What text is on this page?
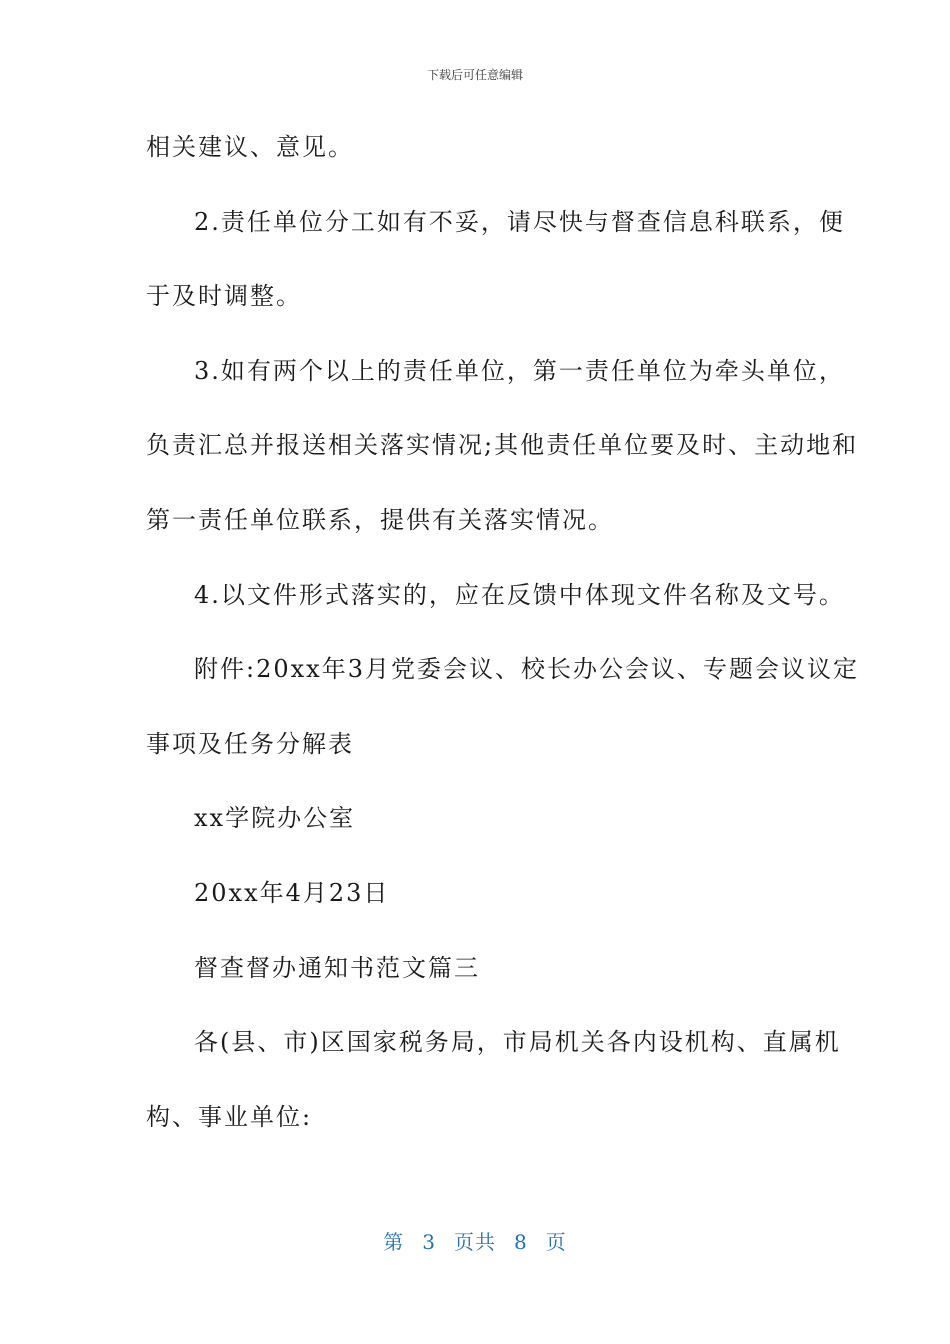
下载后可任意编辑
相关建议、意见。
2.责任单位分工如有不妥，请尽快与督查信息科联系，便
于及时调整。
3.如有两个以上的责任单位，第一责任单位为牵头单位，
负责汇总并报送相关落实情况;其他责任单位要及时、主动地和
第一责任单位联系，提供有关落实情况。
4.以文件形式落实的，应在反馈中体现文件名称及文号。
附件:20xx年3月党委会议、校长办公会议、专题会议议定
事项及任务分解表
xx学院办公室
20xx年4月23日
督查督办通知书范文篇三
各(县、市)区国家税务局，市局机关各内设机构、直属机
构、事业单位:
第 3 页共 8 页
